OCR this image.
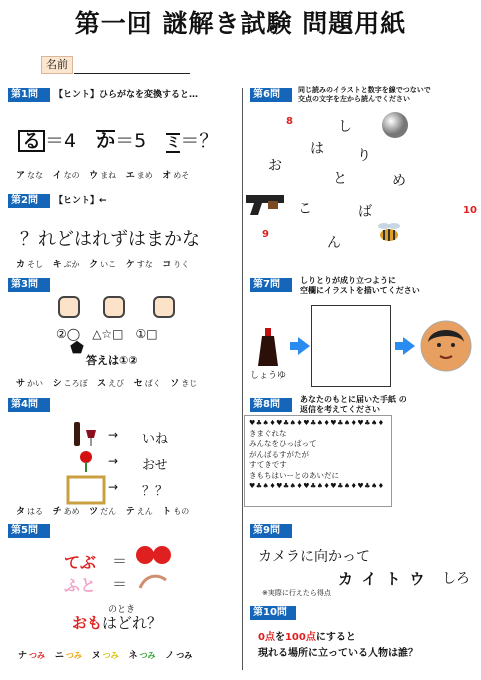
第一回 謎解き試験 問題用紙
名前
第1問	【ヒント】ひらがなを変換すると…
る ＝4 か＝5 ミ＝？
ア なな イ なの ウ まね エ まめ オ めそ
第2問	【ヒント】←
？れどはれずはまかな
カ そし キ ぶか ク いこ ケ すな コ りく
第3問
②◯　△☆□　①□
⬟
答えは①②
サ かい シ ころぼ ス えび セ ばく ソ きじ
第4問
→ いね
→ おせ
→ ？？
タ はる チ あめ ツ だん テ えん ト もの
第5問
てぶ ＝
ふと ＝
のとき
おもはどれ？
ナ つみ ニ つみ ヌ つみ ネ つみ ノ つみ
第6問	同じ読みのイラストと数字を線でつないで
交点の文字を左から読んでください
8	し
は り
お
と	め
こ	ば	10
9
ん
第7問	しりとりが成り立つように
空欄にイラストを描いてください
しょうゆ
第8問	あなたのもとに届いた手紙 の
返信を考えてください
♥♣♠♦♥♣♠♦♥♣♠♦♥♣♠♦♥♣♠♦
きまぐれな
みんなをひっぱって
がんばるすがたが
すてきです
きもちはいーとのあいだに
♥♣♠♦♥♣♠♦♥♣♠♦♥♣♠♦♥♣♠♦
第9問
カメラに向かって
カイトウ しろ
※実際に行えたら得点
第10問
0点を100点にすると
現れる場所に立っている人物は誰？
